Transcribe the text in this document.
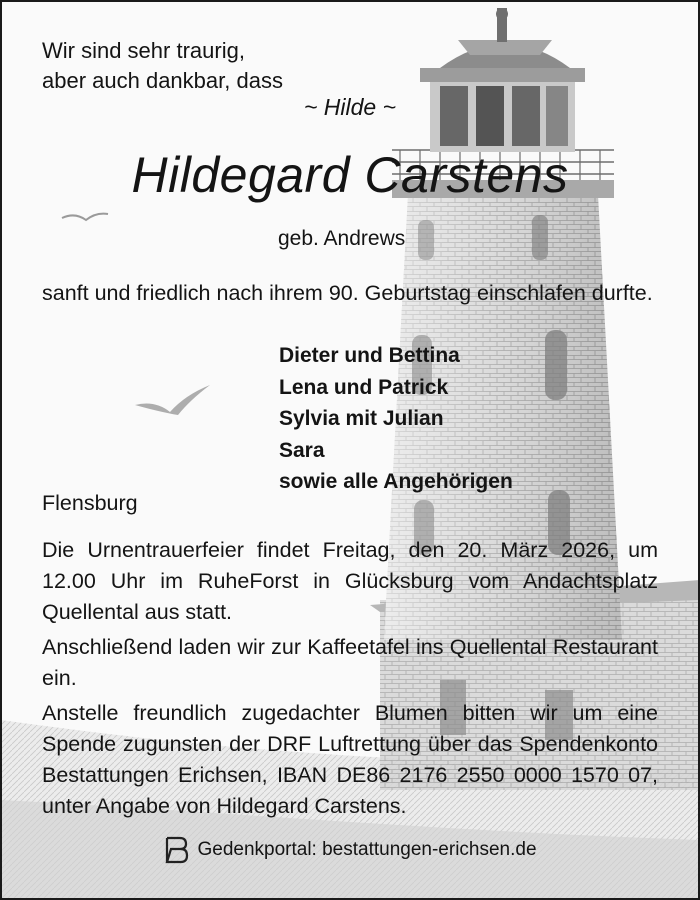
Wir sind sehr traurig,
aber auch dankbar, dass
~ Hilde ~
Hildegard Carstens
geb. Andrews
sanft und friedlich nach ihrem 90. Geburtstag einschlafen durfte.
Dieter und Bettina
Lena und Patrick
Sylvia mit Julian
Sara
sowie alle Angehörigen
Flensburg
Die Urnentrauerfeier findet Freitag, den 20. März 2026, um 12.00 Uhr im RuheForst in Glücksburg vom Andachtsplatz Quellental aus statt.
Anschließend laden wir zur Kaffeetafel ins Quellental Restaurant ein.
Anstelle freundlich zugedachter Blumen bitten wir um eine Spende zugunsten der DRF Luftrettung über das Spendenkonto Bestattungen Erichsen, IBAN DE86 2176 2550 0000 1570 07, unter Angabe von Hildegard Carstens.
Gedenkportal: bestattungen-erichsen.de
